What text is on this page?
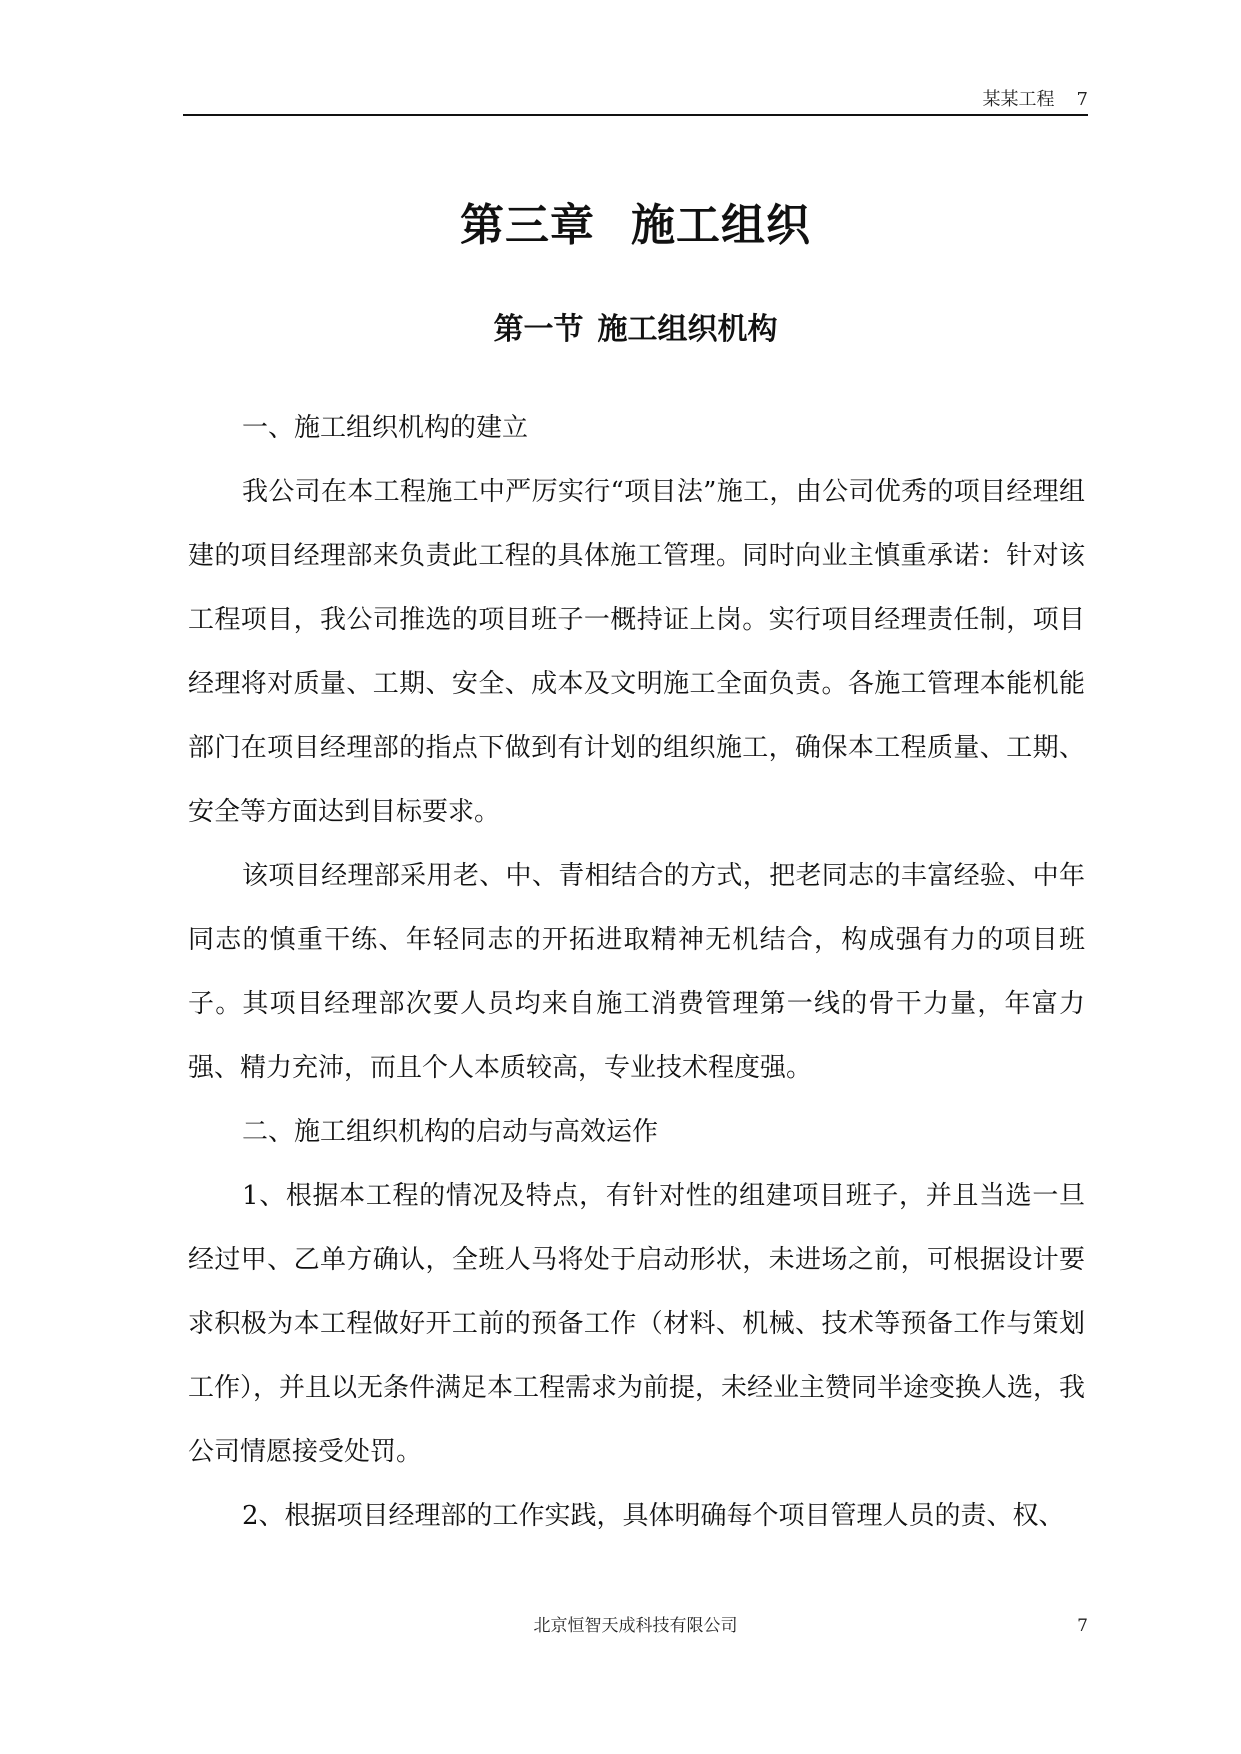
某某工程 7
第三章 施工组织
第一节 施工组织机构

一、施工组织机构的建立

我公司在本工程施工中严厉实行“项目法”施工，由公司优秀的项目经理组建的项目经理部来负责此工程的具体施工管理。同时向业主慎重承诺：针对该工程项目，我公司推选的项目班子一概持证上岗。实行项目经理责任制，项目经理将对质量、工期、安全、成本及文明施工全面负责。各施工管理本能机能部门在项目经理部的指点下做到有计划的组织施工，确保本工程质量、工期、安全等方面达到目标要求。

该项目经理部采用老、中、青相结合的方式，把老同志的丰富经验、中年同志的慎重干练、年轻同志的开拓进取精神无机结合，构成强有力的项目班子。其项目经理部次要人员均来自施工消费管理第一线的骨干力量，年富力强、精力充沛，而且个人本质较高，专业技术程度强。

二、施工组织机构的启动与高效运作

1、根据本工程的情况及特点，有针对性的组建项目班子，并且当选一旦经过甲、乙单方确认，全班人马将处于启动形状，未进场之前，可根据设计要求积极为本工程做好开工前的预备工作（材料、机械、技术等预备工作与策划工作），并且以无条件满足本工程需求为前提，未经业主赞同半途变换人选，我公司情愿接受处罚。

2、根据项目经理部的工作实践，具体明确每个项目管理人员的责、权、

北京恒智天成科技有限公司	7
